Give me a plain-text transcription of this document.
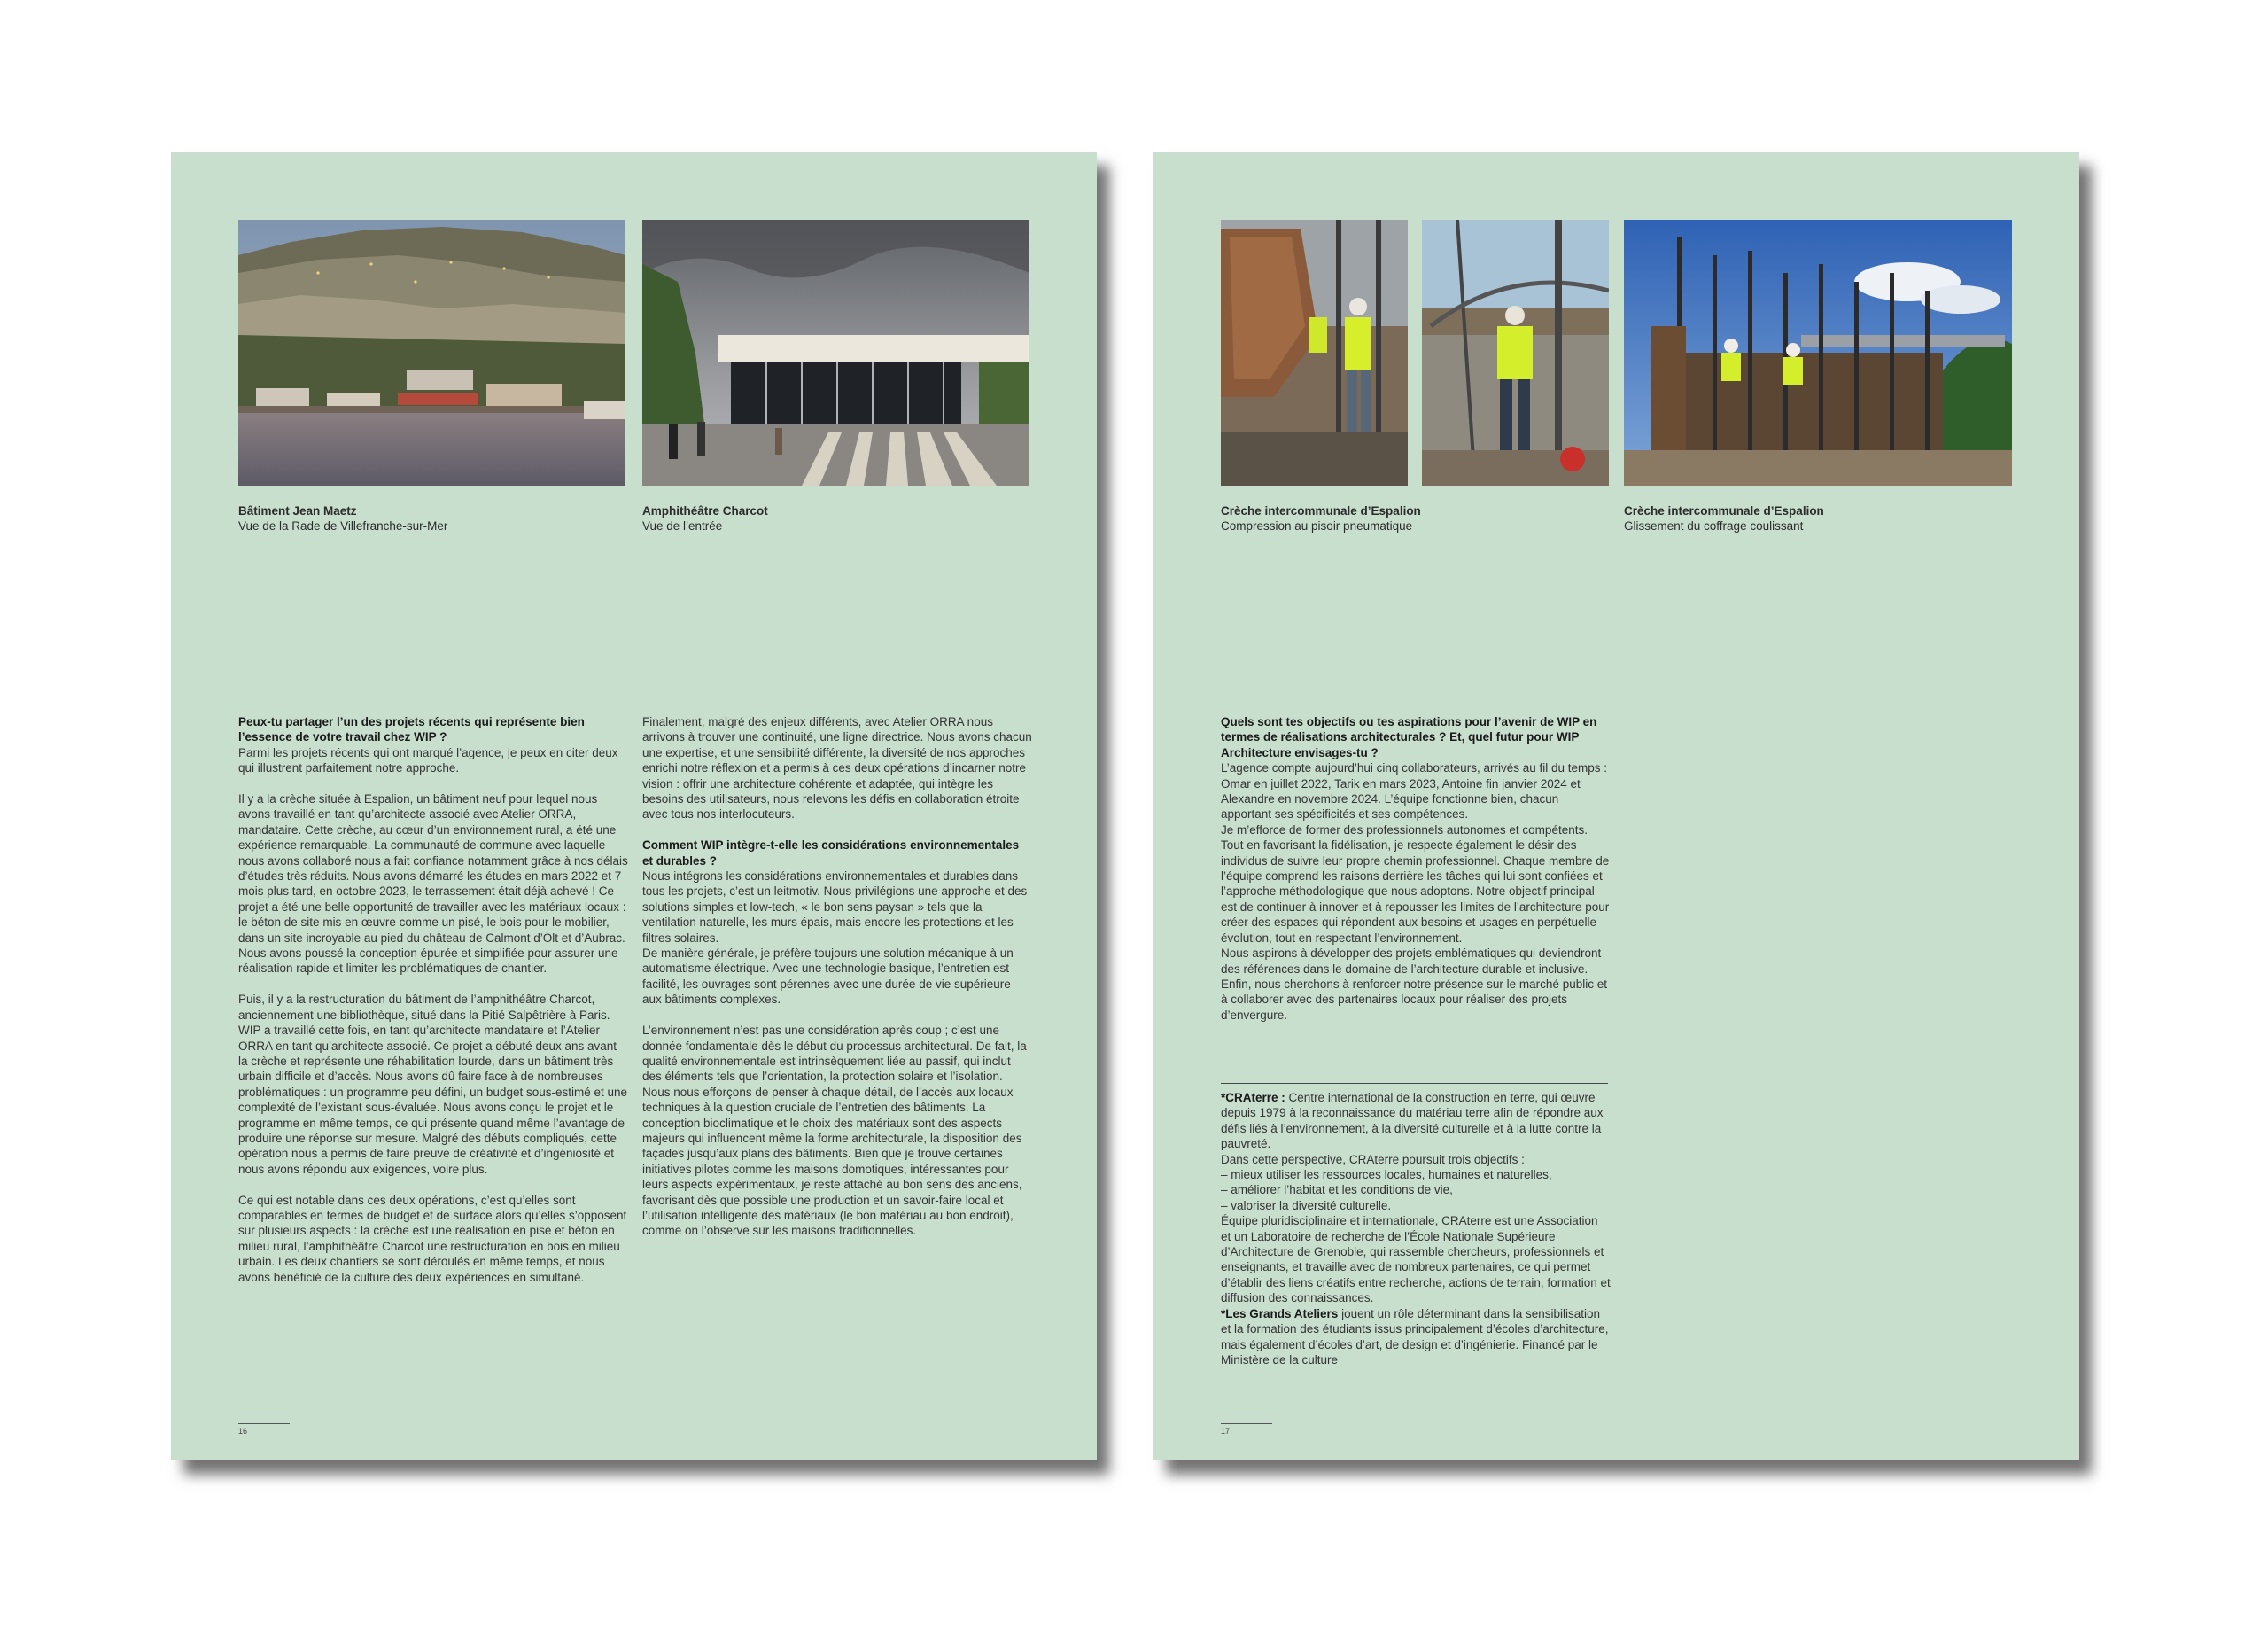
Bâtiment Jean Maetz
Vue de la Rade de Villefranche-sur-Mer
Amphithéâtre Charcot
Vue de l’entrée

Peux-tu partager l’un des projets récents qui représente bien l’essence de votre travail chez WIP ?

Parmi les projets récents qui ont marqué l’agence, je peux en citer deux qui illustrent parfaitement notre approche.

Il y a la crèche située à Espalion, un bâtiment neuf pour lequel nous avons travaillé en tant qu’architecte associé avec Atelier ORRA, mandataire. Cette crèche, au cœur d’un environnement rural, a été une expérience remarquable. La communauté de commune avec laquelle nous avons collaboré nous a fait confiance notamment grâce à nos délais d’études très réduits. Nous avons démarré les études en mars 2022 et 7 mois plus tard, en octobre 2023, le terrassement était déjà achevé ! Ce projet a été une belle opportunité de travailler avec les matériaux locaux : le béton de site mis en œuvre comme un pisé, le bois pour le mobilier, dans un site incroyable au pied du château de Calmont d’Olt et d’Aubrac. Nous avons poussé la conception épurée et simplifiée pour assurer une réalisation rapide et limiter les problématiques de chantier.

Puis, il y a la restructuration du bâtiment de l’amphithéâtre Charcot, anciennement une bibliothèque, situé dans la Pitié Salpêtrière à Paris. WIP a travaillé cette fois, en tant qu’architecte mandataire et l’Atelier ORRA en tant qu’architecte associé. Ce projet a débuté deux ans avant la crèche et représente une réhabilitation lourde, dans un bâtiment très urbain difficile et d’accès. Nous avons dû faire face à de nombreuses problématiques : un programme peu défini, un budget sous-estimé et une complexité de l’existant sous-évaluée. Nous avons conçu le projet et le programme en même temps, ce qui présente quand même l’avantage de produire une réponse sur mesure. Malgré des débuts compliqués, cette opération nous a permis de faire preuve de créativité et d’ingéniosité et nous avons répondu aux exigences, voire plus.

Ce qui est notable dans ces deux opérations, c’est qu’elles sont comparables en termes de budget et de surface alors qu’elles s’opposent sur plusieurs aspects : la crèche est une réalisation en pisé et béton en milieu rural, l’amphithéâtre Charcot une restructuration en bois en milieu urbain. Les deux chantiers se sont déroulés en même temps, et nous avons bénéficié de la culture des deux expériences en simultané.

Finalement, malgré des enjeux différents, avec Atelier ORRA nous arrivons à trouver une continuité, une ligne directrice. Nous avons chacun une expertise, et une sensibilité différente, la diversité de nos approches enrichi notre réflexion et a permis à ces deux opérations d’incarner notre vision : offrir une architecture cohérente et adaptée, qui intègre les besoins des utilisateurs, nous relevons les défis en collaboration étroite avec tous nos interlocuteurs.

Comment WIP intègre-t-elle les considérations environnementales et durables ?

Nous intégrons les considérations environnementales et durables dans tous les projets, c’est un leitmotiv. Nous privilégions une approche et des solutions simples et low-tech, « le bon sens paysan » tels que la ventilation naturelle, les murs épais, mais encore les protections et les filtres solaires.

De manière générale, je préfère toujours une solution mécanique à un automatisme électrique. Avec une technologie basique, l’entretien est facilité, les ouvrages sont pérennes avec une durée de vie supérieure aux bâtiments complexes.

L’environnement n’est pas une considération après coup ; c’est une donnée fondamentale dès le début du processus architectural. De fait, la qualité environnementale est intrinsèquement liée au passif, qui inclut des éléments tels que l’orientation, la protection solaire et l’isolation. Nous nous efforçons de penser à chaque détail, de l’accès aux locaux techniques à la question cruciale de l’entretien des bâtiments. La conception bioclimatique et le choix des matériaux sont des aspects majeurs qui influencent même la forme architecturale, la disposition des façades jusqu’aux plans des bâtiments. Bien que je trouve certaines initiatives pilotes comme les maisons domotiques, intéressantes pour leurs aspects expérimentaux, je reste attaché au bon sens des anciens, favorisant dès que possible une production et un savoir-faire local et l’utilisation intelligente des matériaux (le bon matériau au bon endroit), comme on l’observe sur les maisons traditionnelles.

16
Crèche intercommunale d’Espalion
Compression au pisoir pneumatique
Crèche intercommunale d’Espalion
Glissement du coffrage coulissant

Quels sont tes objectifs ou tes aspirations pour l’avenir de WIP en termes de réalisations architecturales ? Et, quel futur pour WIP Architecture envisages-tu ?

L’agence compte aujourd’hui cinq collaborateurs, arrivés au fil du temps : Omar en juillet 2022, Tarik en mars 2023, Antoine fin janvier 2024 et Alexandre en novembre 2024. L’équipe fonctionne bien, chacun apportant ses spécificités et ses compétences.

Je m’efforce de former des professionnels autonomes et compétents. Tout en favorisant la fidélisation, je respecte également le désir des individus de suivre leur propre chemin professionnel. Chaque membre de l’équipe comprend les raisons derrière les tâches qui lui sont confiées et l’approche méthodologique que nous adoptons. Notre objectif principal est de continuer à innover et à repousser les limites de l’architecture pour créer des espaces qui répondent aux besoins et usages en perpétuelle évolution, tout en respectant l’environnement.

Nous aspirons à développer des projets emblématiques qui deviendront des références dans le domaine de l’architecture durable et inclusive. Enfin, nous cherchons à renforcer notre présence sur le marché public et à collaborer avec des partenaires locaux pour réaliser des projets d’envergure.

*CRAterre : Centre international de la construction en terre, qui œuvre depuis 1979 à la reconnaissance du matériau terre afin de répondre aux défis liés à l’environnement, à la diversité culturelle et à la lutte contre la pauvreté.

Dans cette perspective, CRAterre poursuit trois objectifs :

– mieux utiliser les ressources locales, humaines et naturelles,

– améliorer l’habitat et les conditions de vie,

– valoriser la diversité culturelle.

Équipe pluridisciplinaire et internationale, CRAterre est une Association et un Laboratoire de recherche de l’École Nationale Supérieure d’Architecture de Grenoble, qui rassemble chercheurs, professionnels et enseignants, et travaille avec de nombreux partenaires, ce qui permet d’établir des liens créatifs entre recherche, actions de terrain, formation et diffusion des connaissances.

*Les Grands Ateliers jouent un rôle déterminant dans la sensibilisation et la formation des étudiants issus principalement d’écoles d’architecture, mais également d’écoles d’art, de design et d’ingénierie. Financé par le Ministère de la culture

17
